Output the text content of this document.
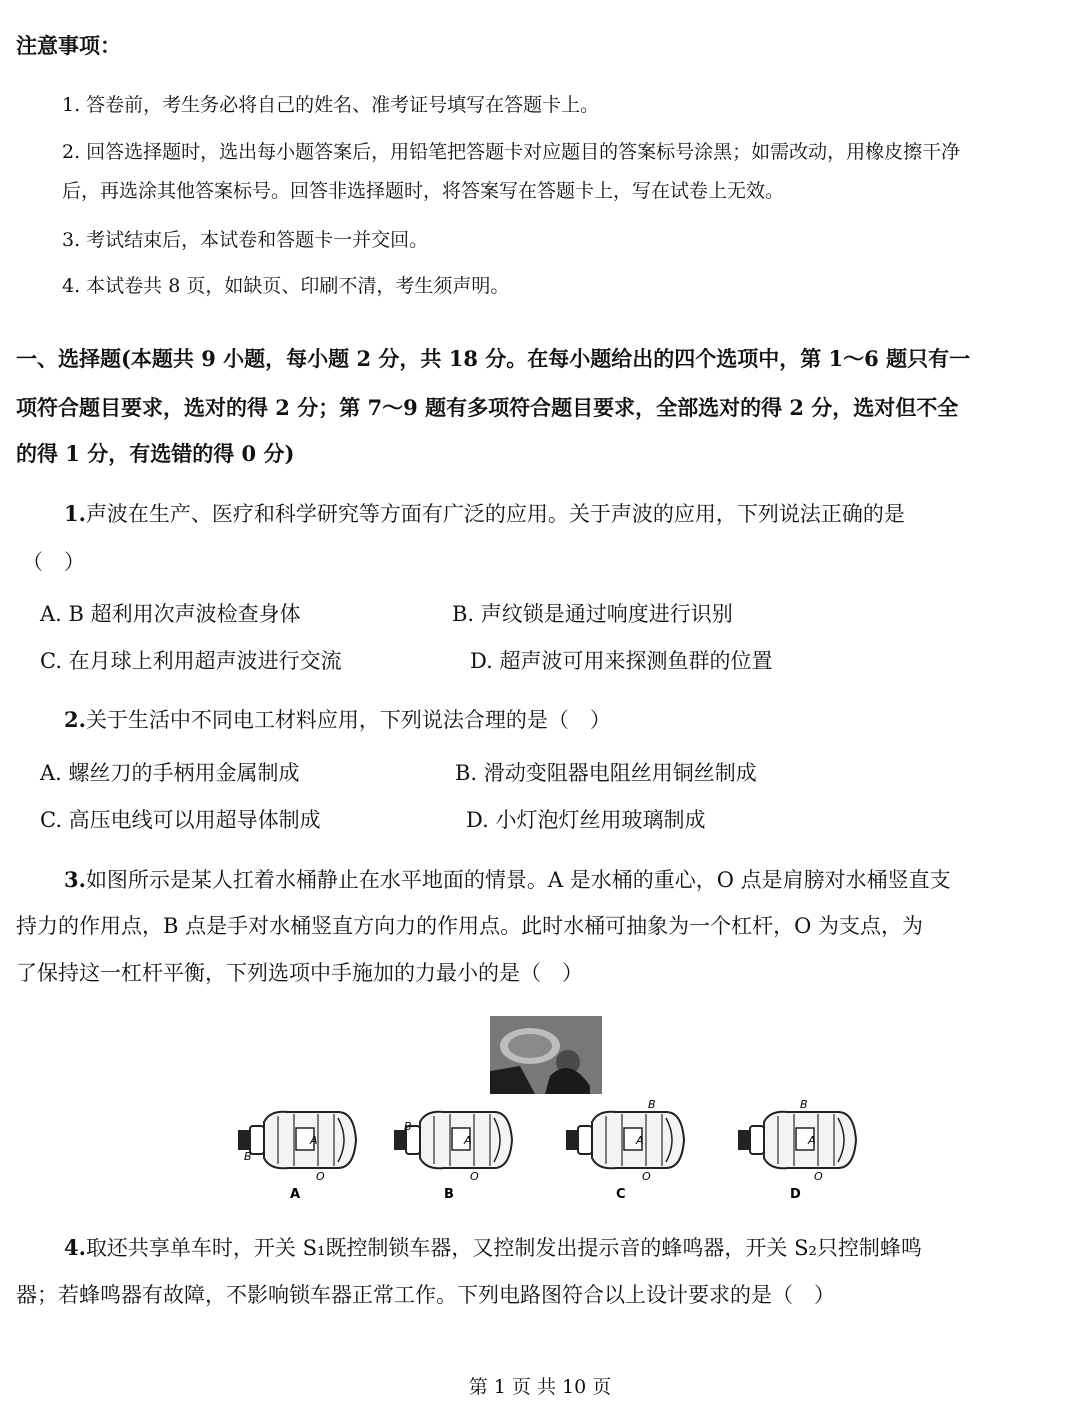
注意事项：
1. 答卷前，考生务必将自己的姓名、准考证号填写在答题卡上。
2. 回答选择题时，选出每小题答案后，用铅笔把答题卡对应题目的答案标号涂黑；如需改动，用橡皮擦干净
后，再选涂其他答案标号。回答非选择题时，将答案写在答题卡上，写在试卷上无效。
3. 考试结束后，本试卷和答题卡一并交回。
4. 本试卷共 8 页，如缺页、印刷不清，考生须声明。
一、选择题(本题共 9 小题，每小题 2 分，共 18 分。在每小题给出的四个选项中，第 1～6 题只有一
项符合题目要求，选对的得 2 分；第 7～9 题有多项符合题目要求，全部选对的得 2 分，选对但不全
的得 1 分，有选错的得 0 分)
1.声波在生产、医疗和科学研究等方面有广泛的应用。关于声波的应用，下列说法正确的是
（　）
A. B 超利用次声波检查身体	B. 声纹锁是通过响度进行识别
C. 在月球上利用超声波进行交流	D. 超声波可用来探测鱼群的位置
2.关于生活中不同电工材料应用，下列说法合理的是（　）
A. 螺丝刀的手柄用金属制成	B. 滑动变阻器电阻丝用铜丝制成
C. 高压电线可以用超导体制成	D. 小灯泡灯丝用玻璃制成
3.如图所示是某人扛着水桶静止在水平地面的情景。A 是水桶的重心，O 点是肩膀对水桶竖直支
持力的作用点，B 点是手对水桶竖直方向力的作用点。此时水桶可抽象为一个杠杆，O 为支点，为
了保持这一杠杆平衡，下列选项中手施加的力最小的是（　）
A
B
O
A
A
B
O
B
A
B
O
C
A
B
O
D
4.取还共享单车时，开关 S₁既控制锁车器，又控制发出提示音的蜂鸣器，开关 S₂只控制蜂鸣
器；若蜂鸣器有故障，不影响锁车器正常工作。下列电路图符合以上设计要求的是（　）
第 1 页 共 10 页
